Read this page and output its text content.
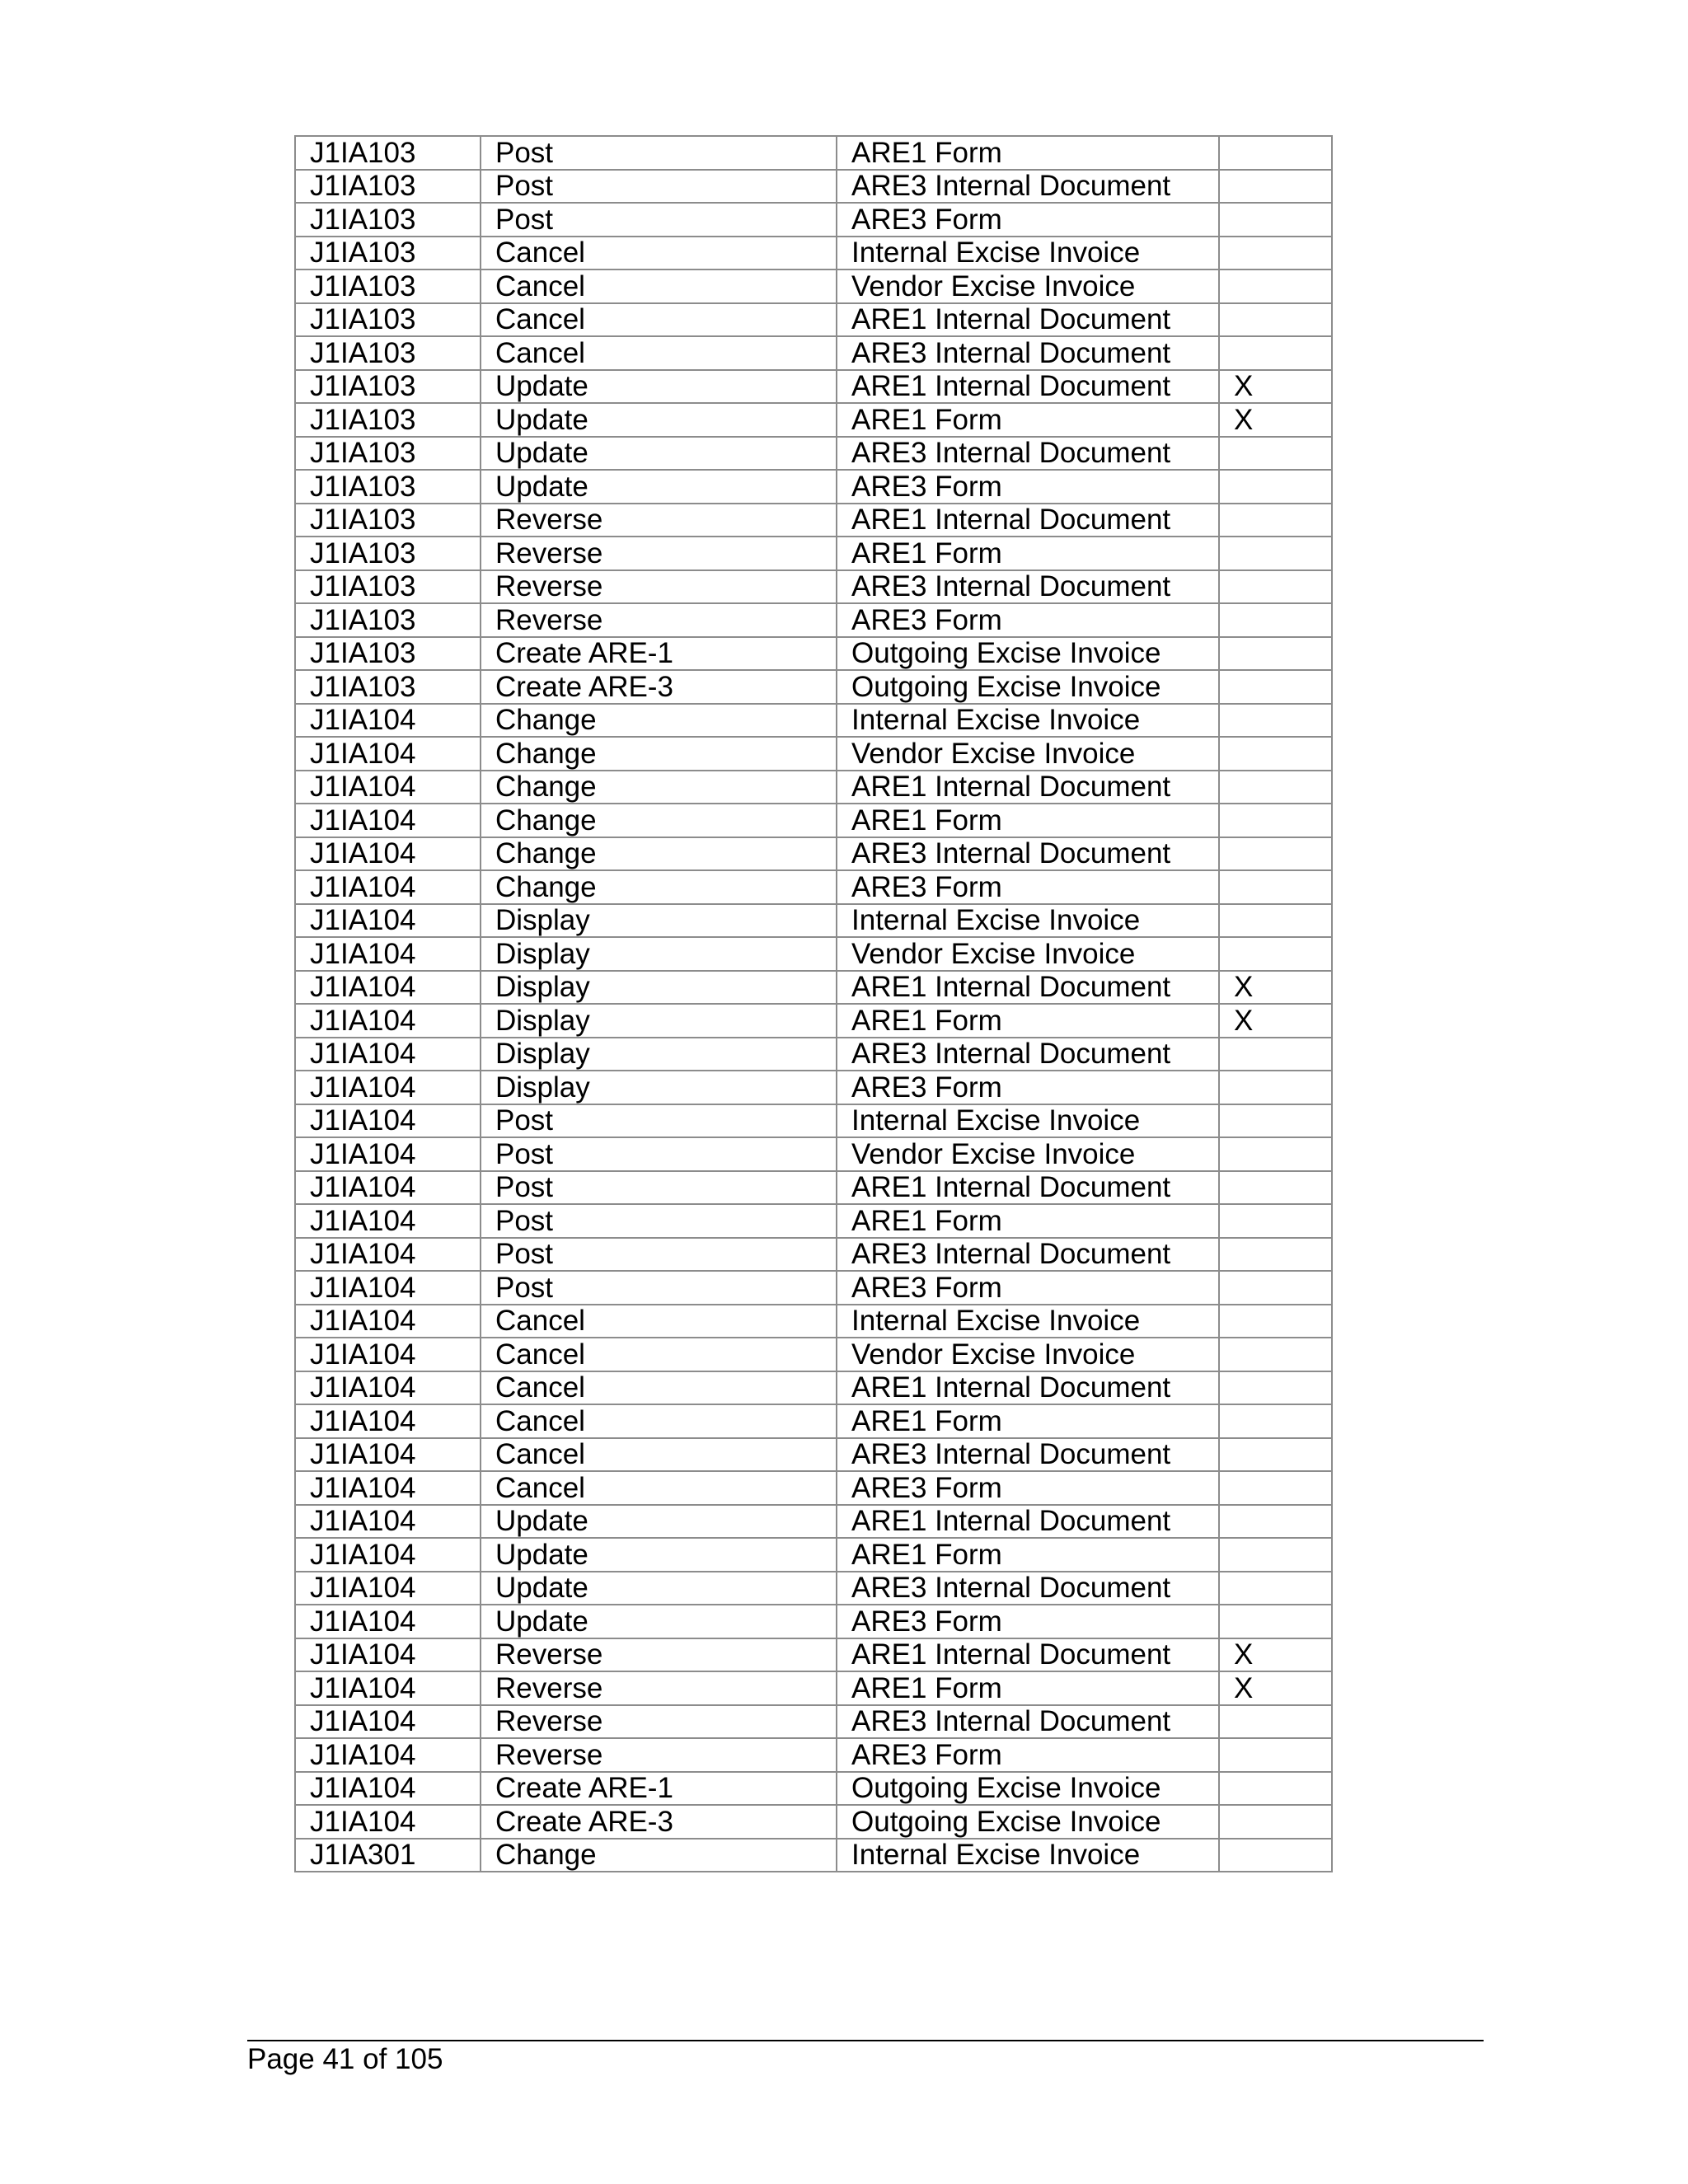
J1IA103	Post	ARE1 Form	
J1IA103	Post	ARE3 Internal Document	
J1IA103	Post	ARE3 Form	
J1IA103	Cancel	Internal Excise Invoice	
J1IA103	Cancel	Vendor Excise Invoice	
J1IA103	Cancel	ARE1 Internal Document	
J1IA103	Cancel	ARE3 Internal Document	
J1IA103	Update	ARE1 Internal Document	X
J1IA103	Update	ARE1 Form	X
J1IA103	Update	ARE3 Internal Document	
J1IA103	Update	ARE3 Form	
J1IA103	Reverse	ARE1 Internal Document	
J1IA103	Reverse	ARE1 Form	
J1IA103	Reverse	ARE3 Internal Document	
J1IA103	Reverse	ARE3 Form	
J1IA103	Create ARE-1	Outgoing Excise Invoice	
J1IA103	Create ARE-3	Outgoing Excise Invoice	
J1IA104	Change	Internal Excise Invoice	
J1IA104	Change	Vendor Excise Invoice	
J1IA104	Change	ARE1 Internal Document	
J1IA104	Change	ARE1 Form	
J1IA104	Change	ARE3 Internal Document	
J1IA104	Change	ARE3 Form	
J1IA104	Display	Internal Excise Invoice	
J1IA104	Display	Vendor Excise Invoice	
J1IA104	Display	ARE1 Internal Document	X
J1IA104	Display	ARE1 Form	X
J1IA104	Display	ARE3 Internal Document	
J1IA104	Display	ARE3 Form	
J1IA104	Post	Internal Excise Invoice	
J1IA104	Post	Vendor Excise Invoice	
J1IA104	Post	ARE1 Internal Document	
J1IA104	Post	ARE1 Form	
J1IA104	Post	ARE3 Internal Document	
J1IA104	Post	ARE3 Form	
J1IA104	Cancel	Internal Excise Invoice	
J1IA104	Cancel	Vendor Excise Invoice	
J1IA104	Cancel	ARE1 Internal Document	
J1IA104	Cancel	ARE1 Form	
J1IA104	Cancel	ARE3 Internal Document	
J1IA104	Cancel	ARE3 Form	
J1IA104	Update	ARE1 Internal Document	
J1IA104	Update	ARE1 Form	
J1IA104	Update	ARE3 Internal Document	
J1IA104	Update	ARE3 Form	
J1IA104	Reverse	ARE1 Internal Document	X
J1IA104	Reverse	ARE1 Form	X
J1IA104	Reverse	ARE3 Internal Document	
J1IA104	Reverse	ARE3 Form	
J1IA104	Create ARE-1	Outgoing Excise Invoice	
J1IA104	Create ARE-3	Outgoing Excise Invoice	
J1IA301	Change	Internal Excise Invoice	
Page 41 of 105
